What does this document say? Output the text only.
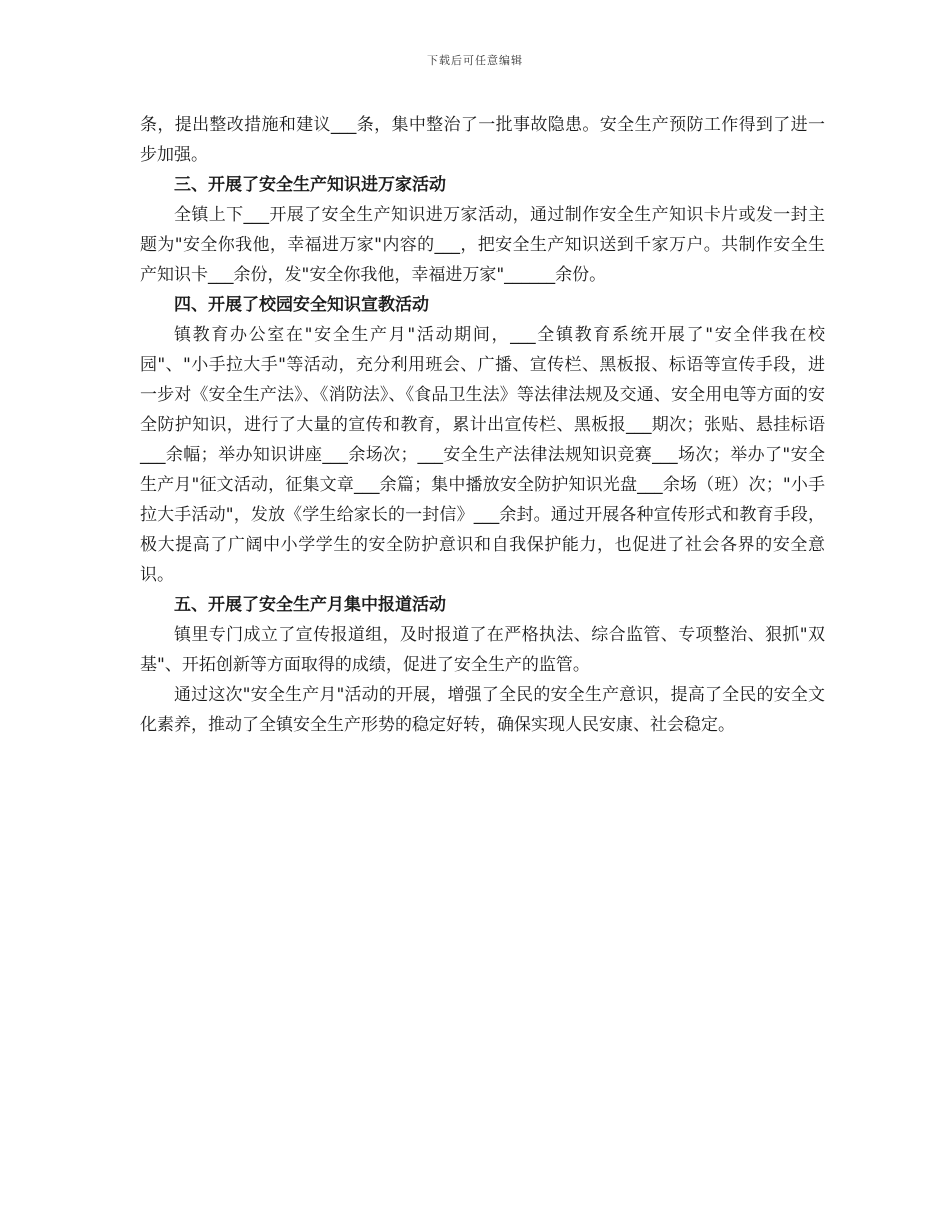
下载后可任意编辑

条，提出整改措施和建议___条，集中整治了一批事故隐患。安全生产预防工作得到了进一步加强。

三、开展了安全生产知识进万家活动

全镇上下___开展了安全生产知识进万家活动，通过制作安全生产知识卡片或发一封主题为"安全你我他，幸福进万家"内容的___，把安全生产知识送到千家万户。共制作安全生产知识卡___余份，发"安全你我他，幸福进万家"______余份。

四、开展了校园安全知识宣教活动

镇教育办公室在"安全生产月"活动期间，___全镇教育系统开展了"安全伴我在校园"、"小手拉大手"等活动，充分利用班会、广播、宣传栏、黑板报、标语等宣传手段，进一步对《安全生产法》、《消防法》、《食品卫生法》等法律法规及交通、安全用电等方面的安全防护知识，进行了大量的宣传和教育，累计出宣传栏、黑板报___期次；张贴、悬挂标语___余幅；举办知识讲座___余场次；___安全生产法律法规知识竞赛___场次；举办了"安全生产月"征文活动，征集文章___余篇；集中播放安全防护知识光盘___余场（班）次；"小手拉大手活动"，发放《学生给家长的一封信》___余封。通过开展各种宣传形式和教育手段，极大提高了广阔中小学学生的安全防护意识和自我保护能力，也促进了社会各界的安全意识。

五、开展了安全生产月集中报道活动

镇里专门成立了宣传报道组，及时报道了在严格执法、综合监管、专项整治、狠抓"双基"、开拓创新等方面取得的成绩，促进了安全生产的监管。

通过这次"安全生产月"活动的开展，增强了全民的安全生产意识，提高了全民的安全文化素养，推动了全镇安全生产形势的稳定好转，确保实现人民安康、社会稳定。
